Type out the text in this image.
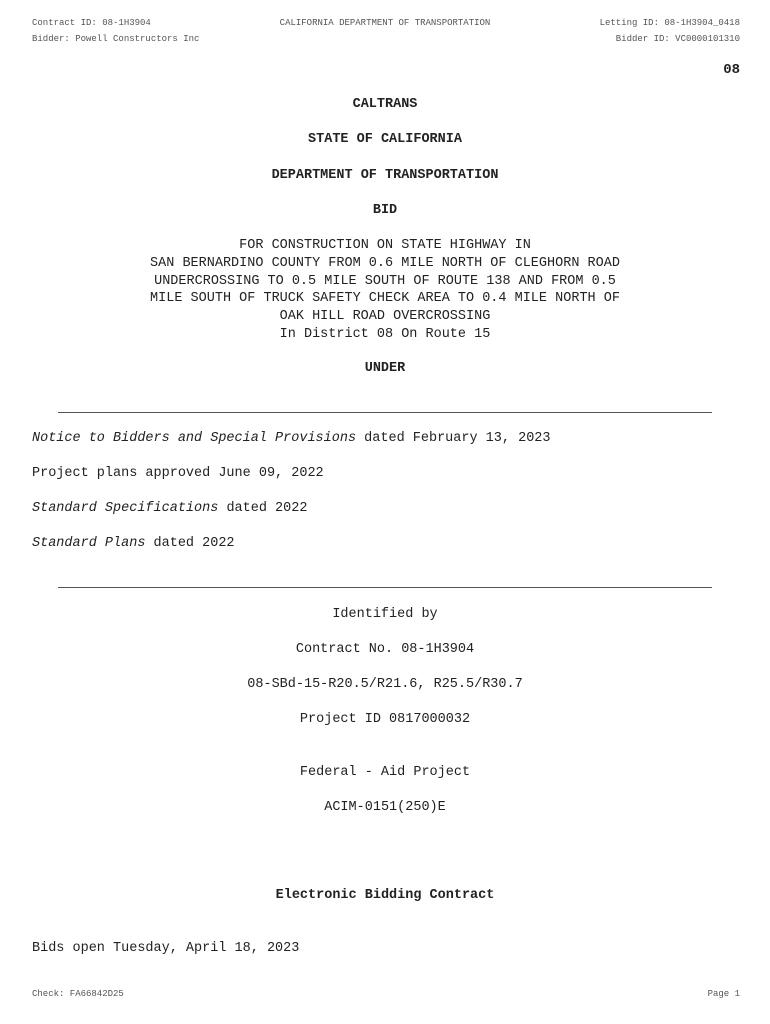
Contract ID: 08-1H3904	CALIFORNIA DEPARTMENT OF TRANSPORTATION	Letting ID: 08-1H3904_0418
Bidder: Powell Constructors Inc	Bidder ID: VC0000101310
08
CALTRANS
STATE OF CALIFORNIA
DEPARTMENT OF TRANSPORTATION
BID
FOR CONSTRUCTION ON STATE HIGHWAY IN
SAN BERNARDINO COUNTY FROM 0.6 MILE NORTH OF CLEGHORN ROAD
UNDERCROSSING TO 0.5 MILE SOUTH OF ROUTE 138 AND FROM 0.5
MILE SOUTH OF TRUCK SAFETY CHECK AREA TO 0.4 MILE NORTH OF
OAK HILL ROAD OVERCROSSING
In District 08 On Route 15
UNDER
Notice to Bidders and Special Provisions dated February 13, 2023
Project plans approved June 09, 2022
Standard Specifications dated 2022
Standard Plans dated 2022
Identified by
Contract No. 08-1H3904
08-SBd-15-R20.5/R21.6, R25.5/R30.7
Project ID 0817000032
Federal - Aid Project
ACIM-0151(250)E
Electronic Bidding Contract
Bids open Tuesday, April 18, 2023
Check: FA66842D25	Page 1
